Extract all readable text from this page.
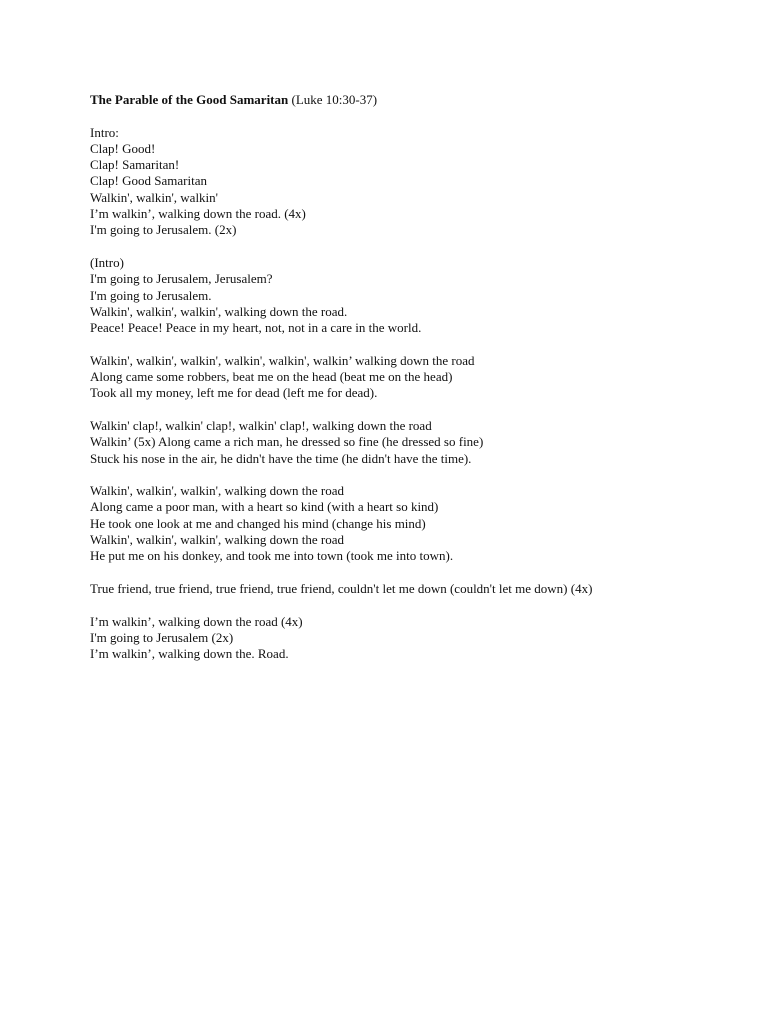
The Parable of the Good Samaritan (Luke 10:30-37)

Intro:

Clap! Good!

Clap! Samaritan!

Clap! Good Samaritan

Walkin', walkin', walkin'

I’m walkin’, walking down the road. (4x)

I'm going to Jerusalem. (2x)

(Intro)

I'm going to Jerusalem, Jerusalem?

I'm going to Jerusalem.

Walkin', walkin', walkin', walking down the road.

Peace! Peace! Peace in my heart, not, not in a care in the world.

Walkin', walkin', walkin', walkin', walkin', walkin’ walking down the road

Along came some robbers, beat me on the head (beat me on the head)

Took all my money, left me for dead (left me for dead).

Walkin' clap!, walkin' clap!, walkin' clap!, walking down the road

Walkin’ (5x) Along came a rich man, he dressed so fine (he dressed so fine)

Stuck his nose in the air, he didn't have the time (he didn't have the time).

Walkin', walkin', walkin', walking down the road

Along came a poor man, with a heart so kind (with a heart so kind)

He took one look at me and changed his mind (change his mind)

Walkin', walkin', walkin', walking down the road

He put me on his donkey, and took me into town (took me into town).

True friend, true friend, true friend, true friend, couldn't let me down (couldn't let me down) (4x)

I’m walkin’, walking down the road (4x)

I'm going to Jerusalem (2x)

I’m walkin’, walking down the. Road.
